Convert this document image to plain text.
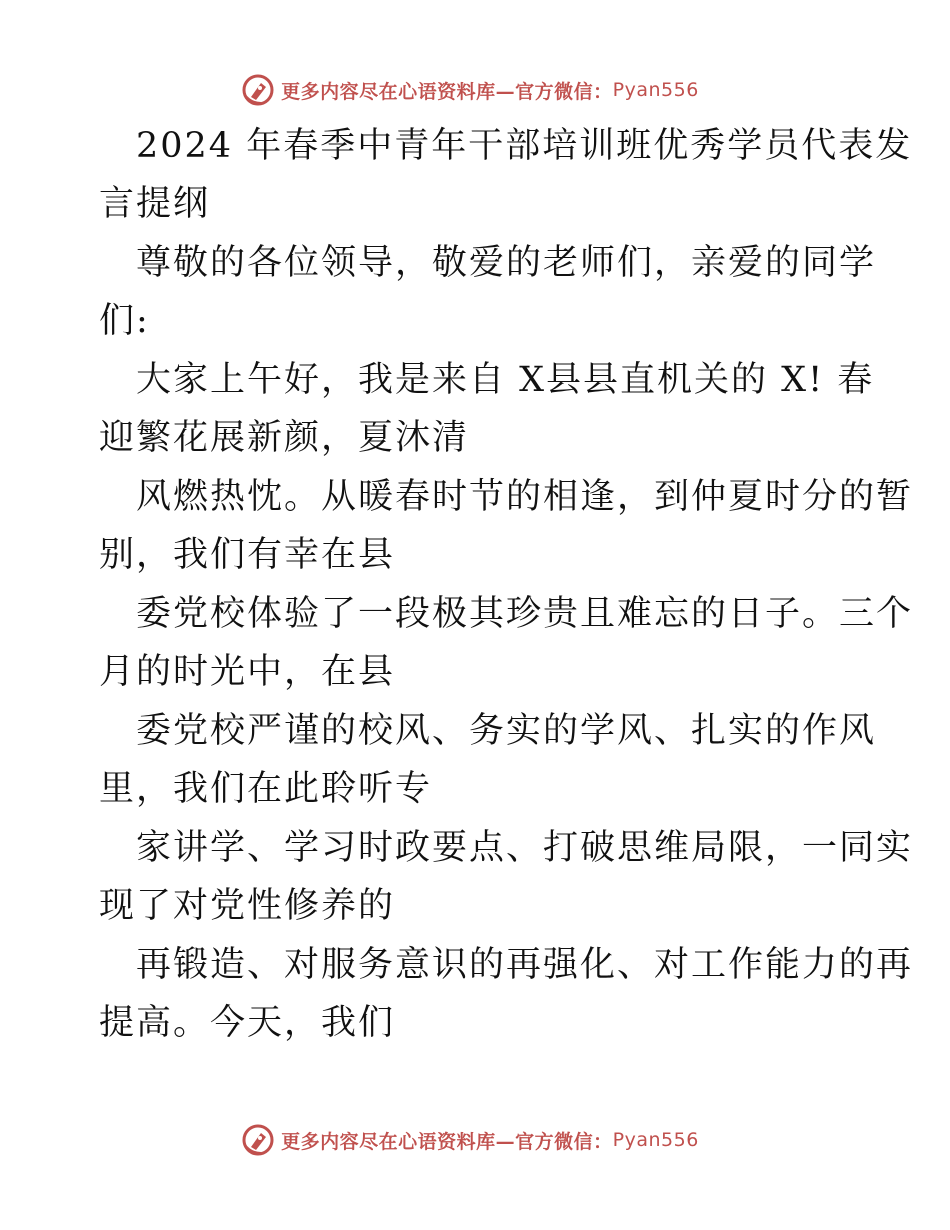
更多内容尽在心语资料库—官方微信： Pyan556
2024 年春季中青年干部培训班优秀学员代表发
言提纲
尊敬的各位领导，敬爱的老师们，亲爱的同学
们:
大家上午好，我是来自 X县县直机关的 X! 春
迎繁花展新颜，夏沐清
风燃热忱。从暖春时节的相逢，到仲夏时分的暂
别，我们有幸在县
委党校体验了一段极其珍贵且难忘的日子。三个
月的时光中，在县
委党校严谨的校风、务实的学风、扎实的作风
里，我们在此聆听专
家讲学、学习时政要点、打破思维局限，一同实
现了对党性修养的
再锻造、对服务意识的再强化、对工作能力的再
提高。今天，我们
更多内容尽在心语资料库—官方微信： Pyan556
